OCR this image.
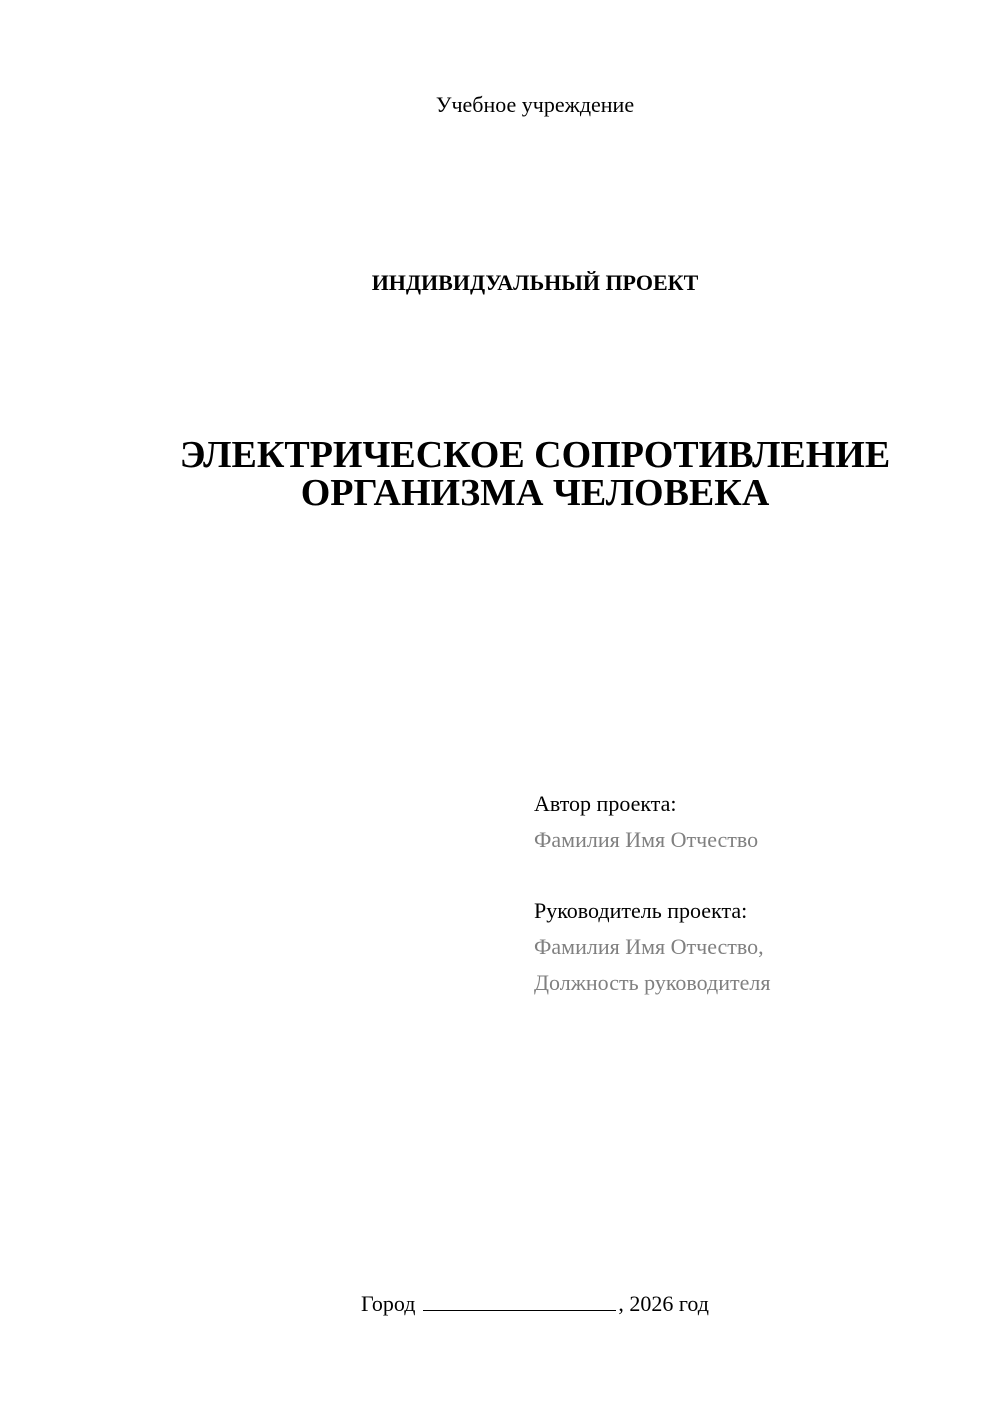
Учебное учреждение
ИНДИВИДУАЛЬНЫЙ ПРОЕКТ
ЭЛЕКТРИЧЕСКОЕ СОПРОТИВЛЕНИЕ
ОРГАНИЗМА ЧЕЛОВЕКА
Автор проекта:
Фамилия Имя Отчество
Руководитель проекта:
Фамилия Имя Отчество,
Должность руководителя
Город	, 2026 год
